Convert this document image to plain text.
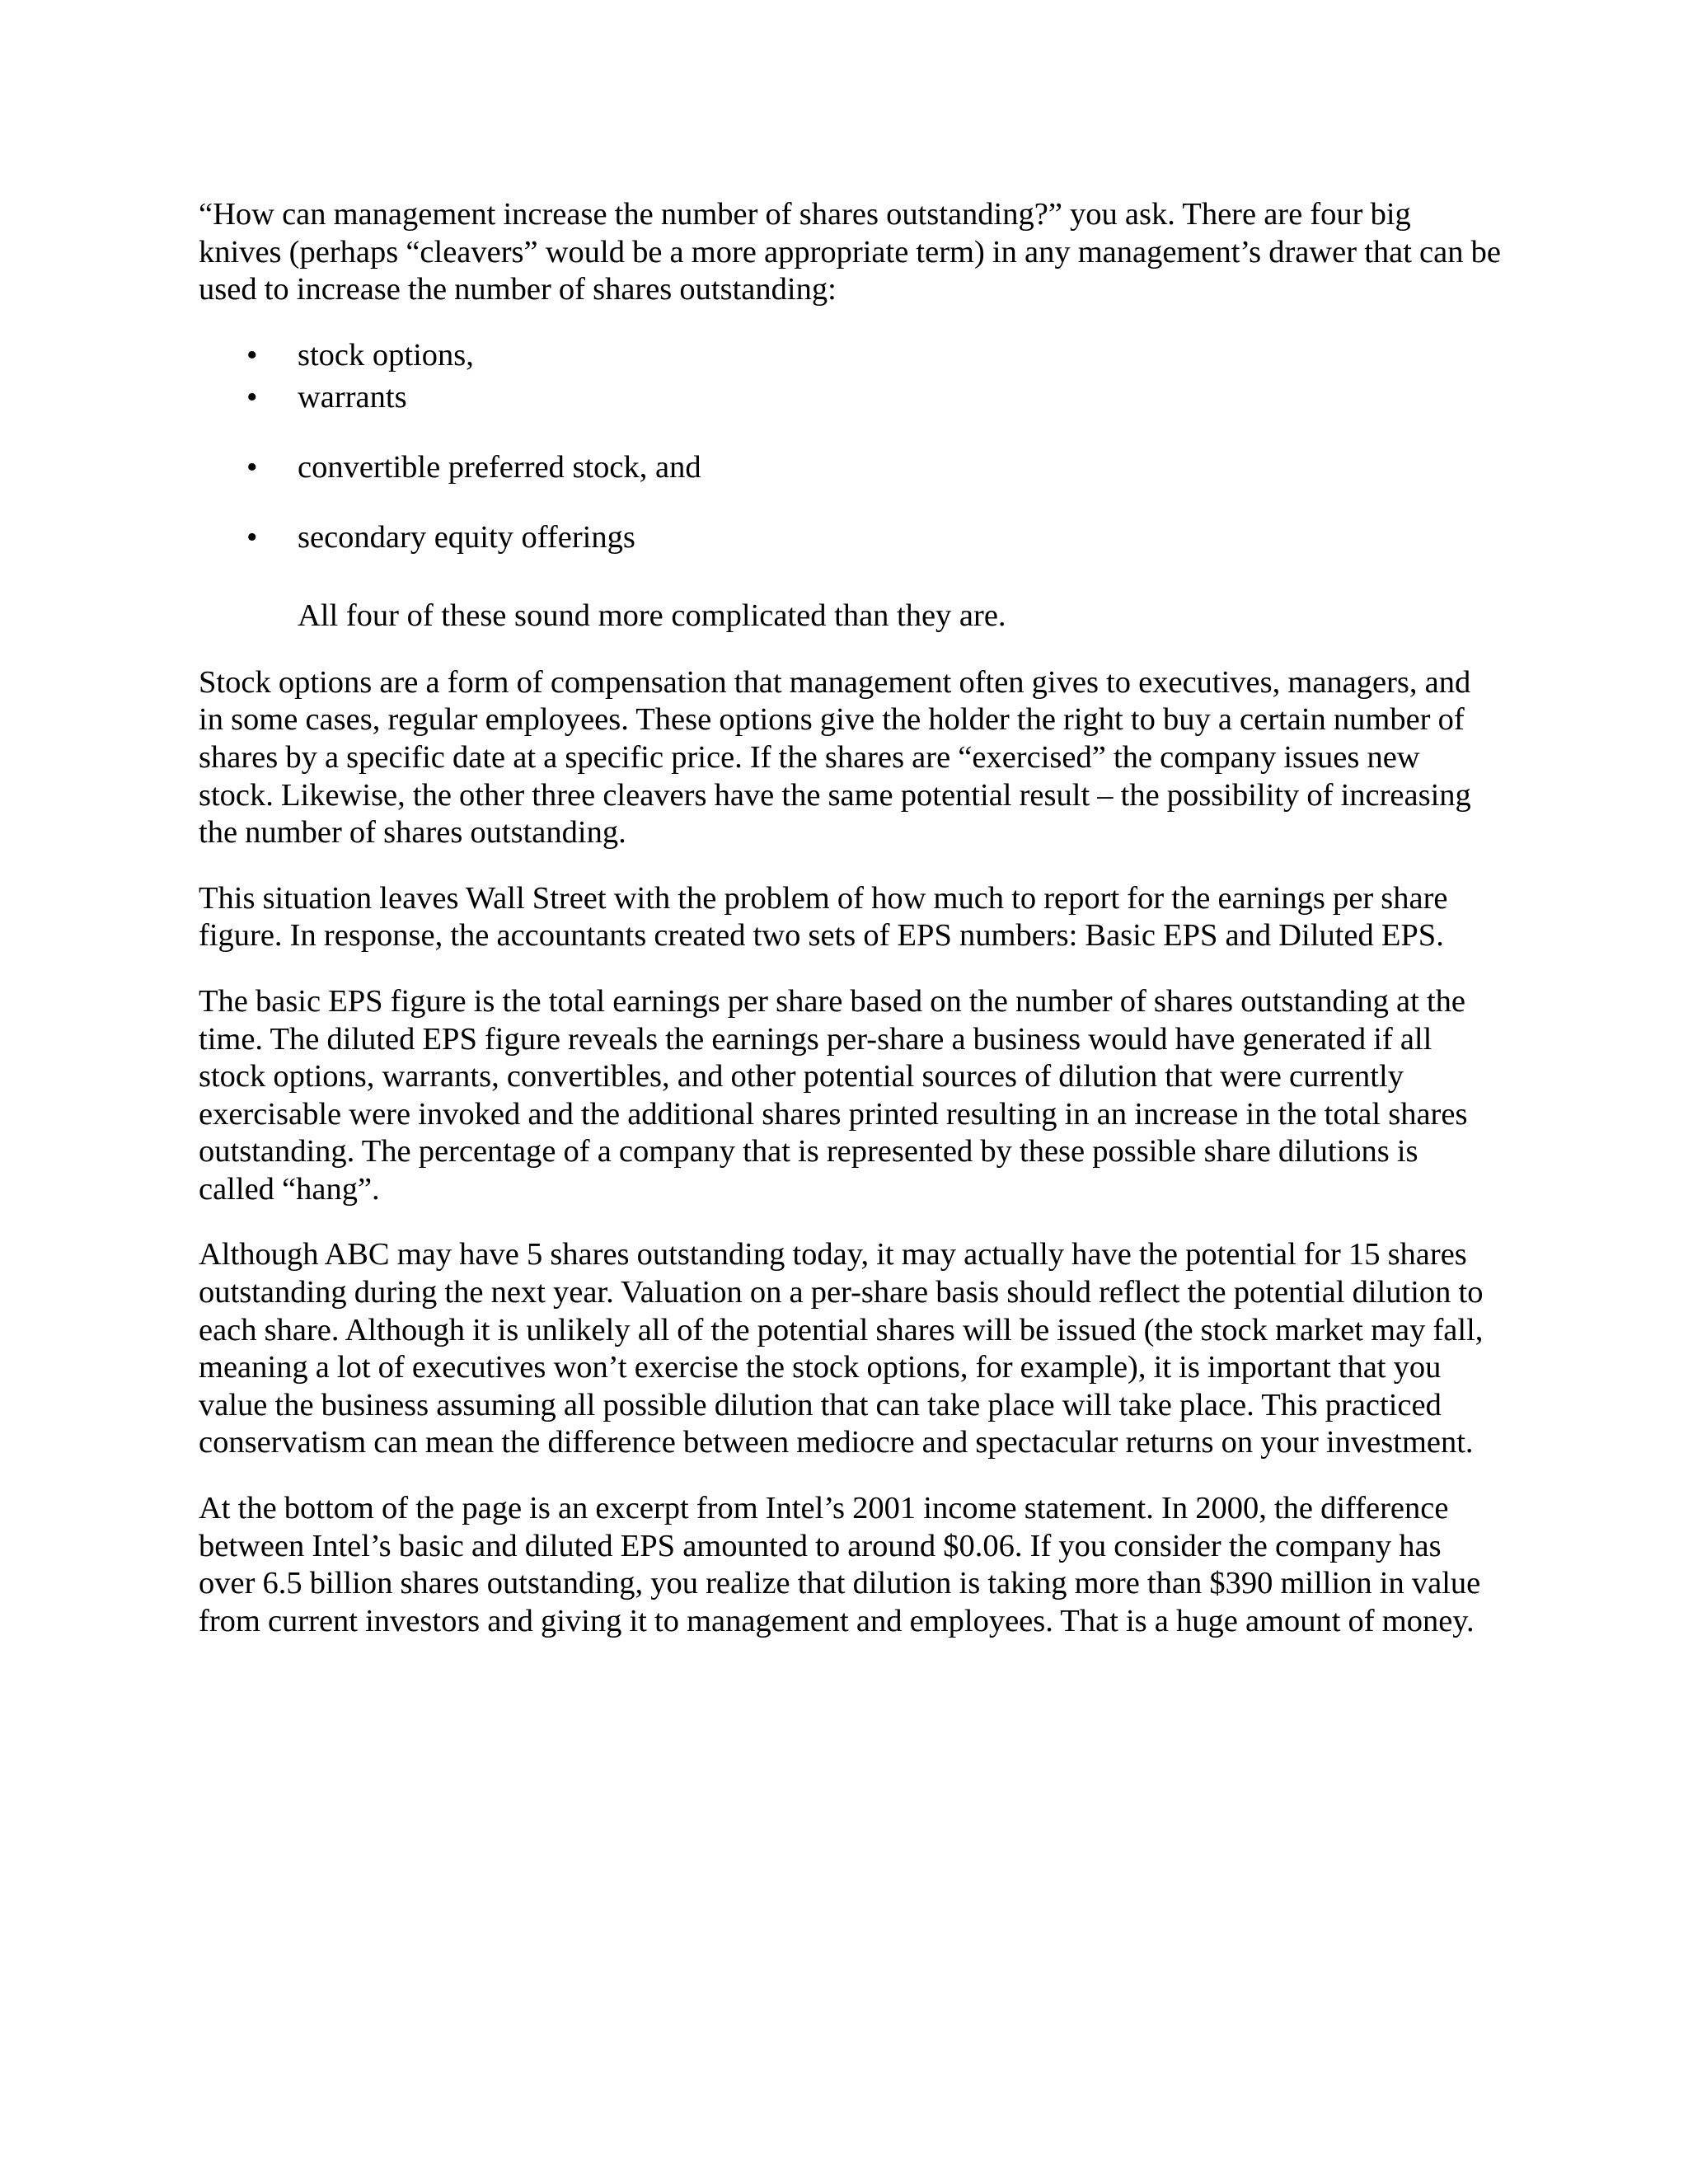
“How can management increase the number of shares outstanding?” you ask. There are four big knives (perhaps “cleavers” would be a more appropriate term) in any management’s drawer that can be used to increase the number of shares outstanding:

• stock options,
• warrants
• convertible preferred stock, and
• secondary equity offerings

All four of these sound more complicated than they are.

Stock options are a form of compensation that management often gives to executives, managers, and in some cases, regular employees. These options give the holder the right to buy a certain number of shares by a specific date at a specific price. If the shares are “exercised” the company issues new stock. Likewise, the other three cleavers have the same potential result – the possibility of increasing the number of shares outstanding.

This situation leaves Wall Street with the problem of how much to report for the earnings per share figure. In response, the accountants created two sets of EPS numbers: Basic EPS and Diluted EPS.

The basic EPS figure is the total earnings per share based on the number of shares outstanding at the time. The diluted EPS figure reveals the earnings per-share a business would have generated if all stock options, warrants, convertibles, and other potential sources of dilution that were currently exercisable were invoked and the additional shares printed resulting in an increase in the total shares outstanding. The percentage of a company that is represented by these possible share dilutions is called “hang”.

Although ABC may have 5 shares outstanding today, it may actually have the potential for 15 shares outstanding during the next year. Valuation on a per-share basis should reflect the potential dilution to each share. Although it is unlikely all of the potential shares will be issued (the stock market may fall, meaning a lot of executives won’t exercise the stock options, for example), it is important that you value the business assuming all possible dilution that can take place will take place. This practiced conservatism can mean the difference between mediocre and spectacular returns on your investment.

At the bottom of the page is an excerpt from Intel’s 2001 income statement. In 2000, the difference between Intel’s basic and diluted EPS amounted to around $0.06. If you consider the company has over 6.5 billion shares outstanding, you realize that dilution is taking more than $390 million in value from current investors and giving it to management and employees. That is a huge amount of money.
